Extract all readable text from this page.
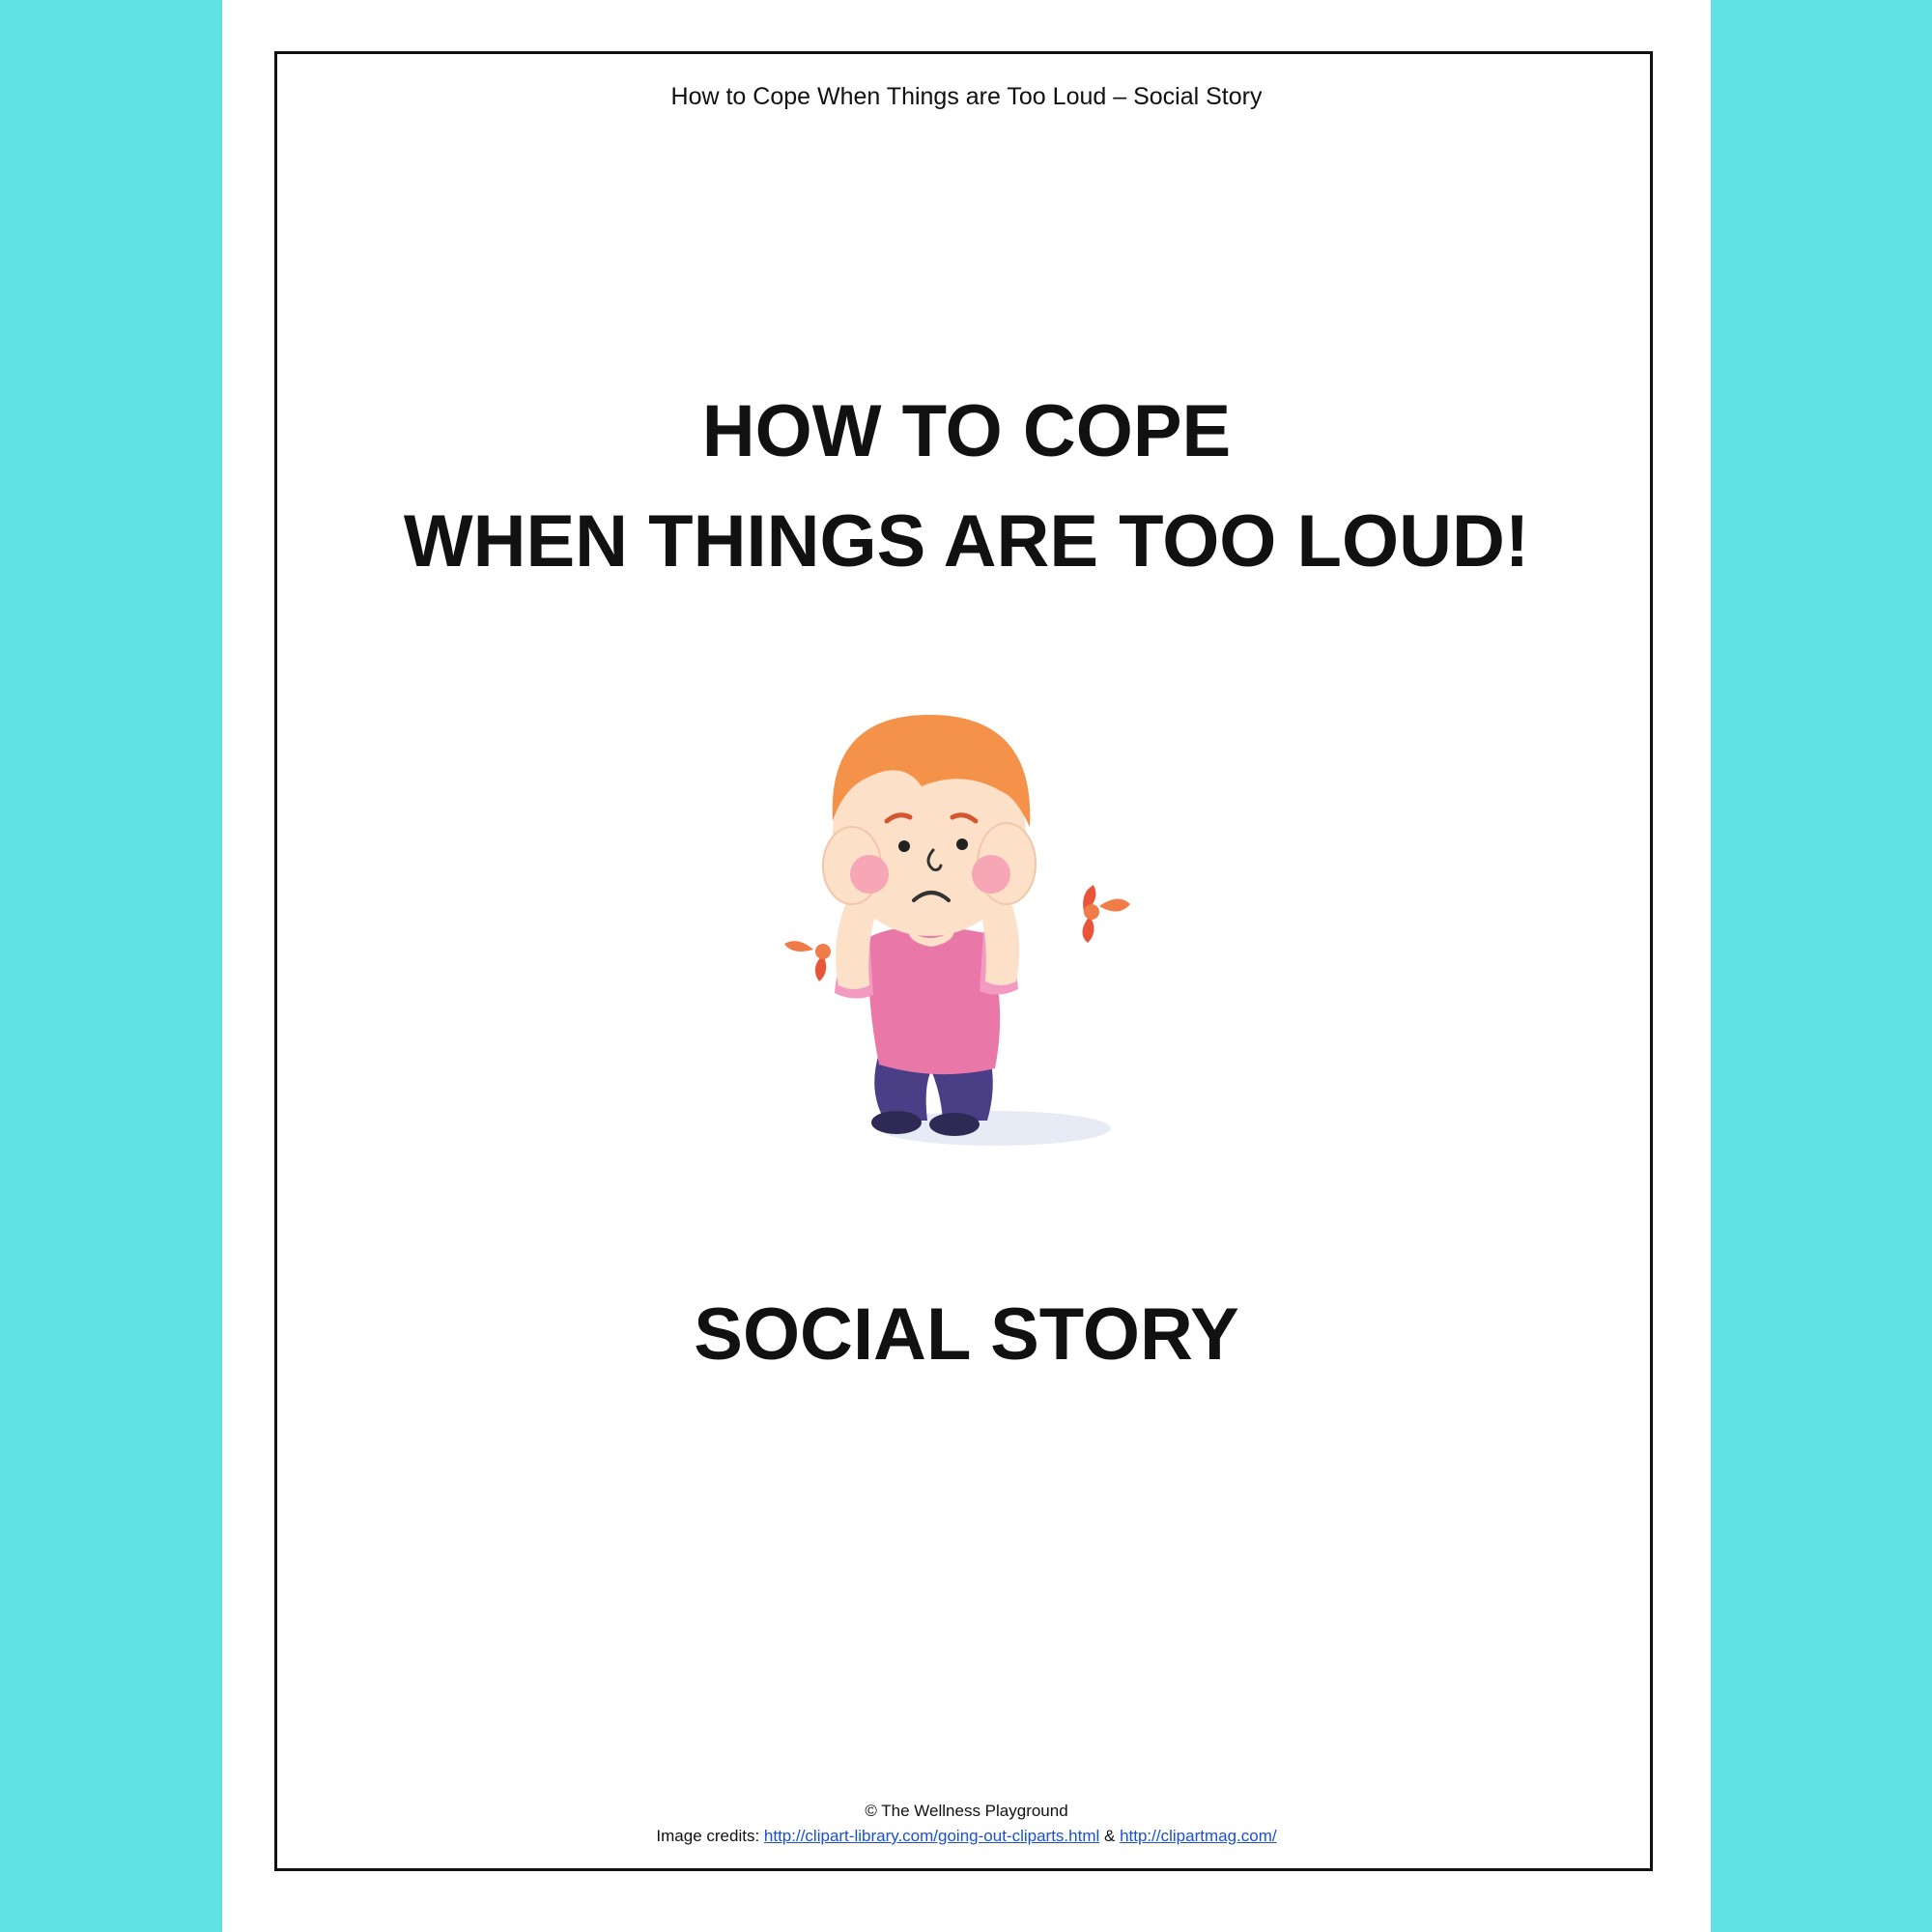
How to Cope When Things are Too Loud – Social Story
HOW TO COPE
WHEN THINGS ARE TOO LOUD!
SOCIAL STORY
© The Wellness Playground
Image credits: http://clipart-library.com/going-out-cliparts.html & http://clipartmag.com/
